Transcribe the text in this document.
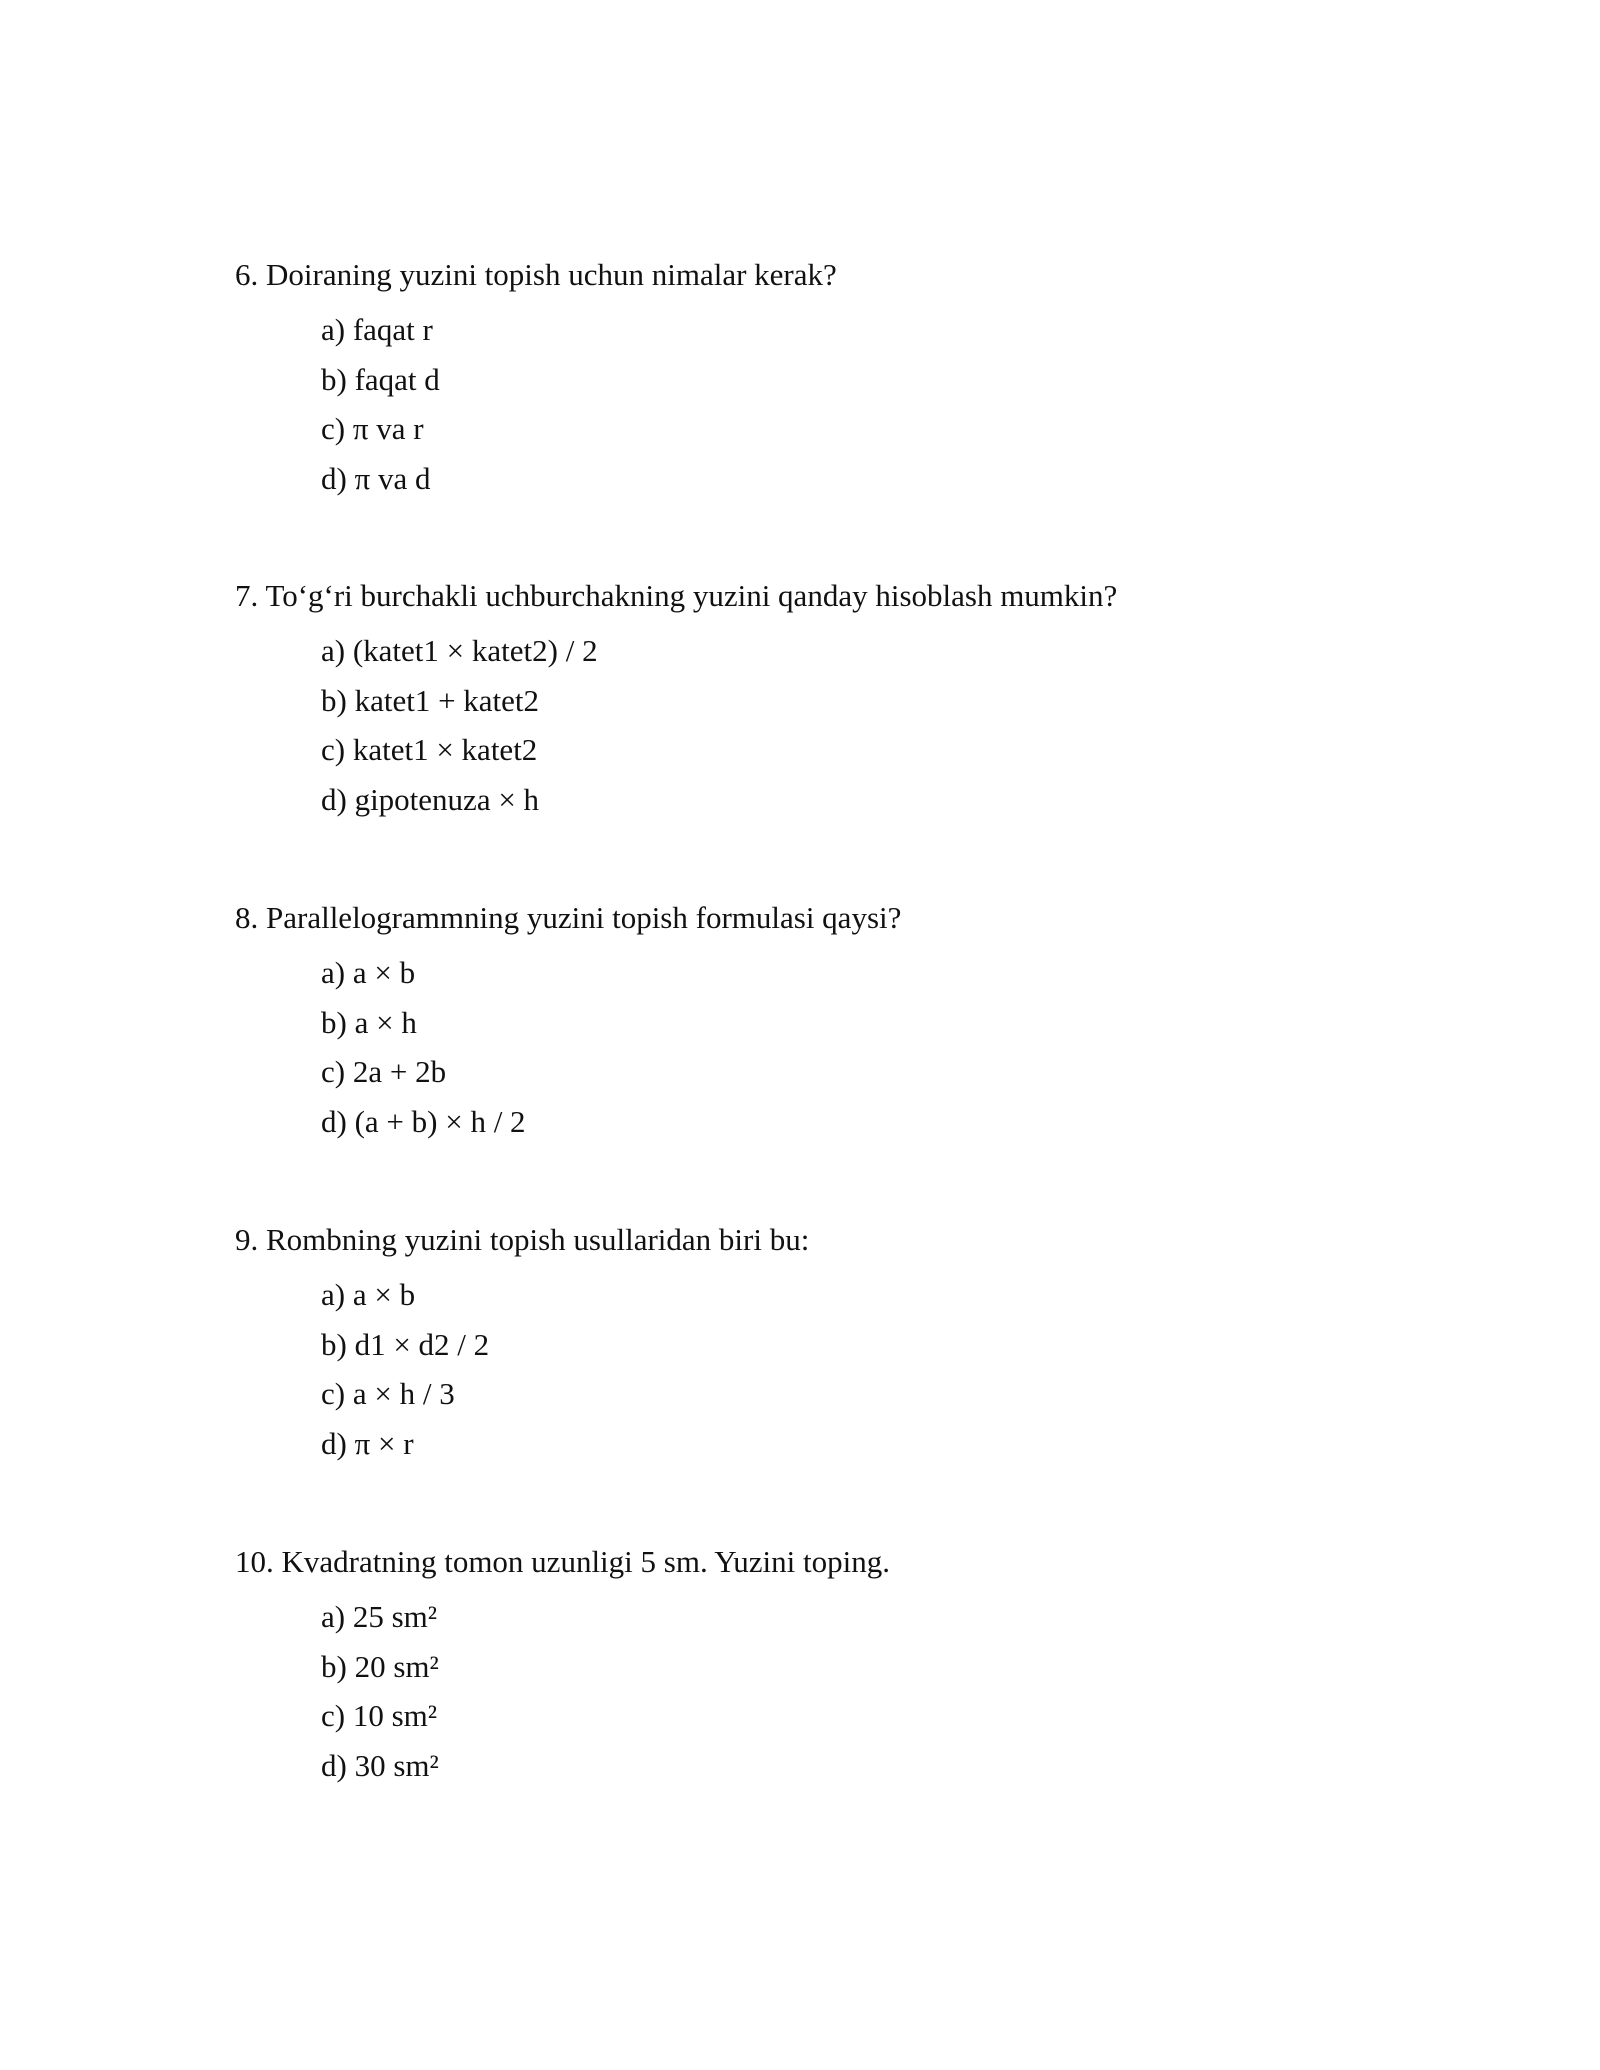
6. Doiraning yuzini topish uchun nimalar kerak?
a) faqat r
b) faqat d
c) π va r
d) π va d
7. To‘g‘ri burchakli uchburchakning yuzini qanday hisoblash mumkin?
a) (katet1 × katet2) / 2
b) katet1 + katet2
c) katet1 × katet2
d) gipotenuza × h
8. Parallelogrammning yuzini topish formulasi qaysi?
a) a × b
b) a × h
c) 2a + 2b
d) (a + b) × h / 2
9. Rombning yuzini topish usullaridan biri bu:
a) a × b
b) d1 × d2 / 2
c) a × h / 3
d) π × r
10. Kvadratning tomon uzunligi 5 sm. Yuzini toping.
a) 25 sm²
b) 20 sm²
c) 10 sm²
d) 30 sm²
